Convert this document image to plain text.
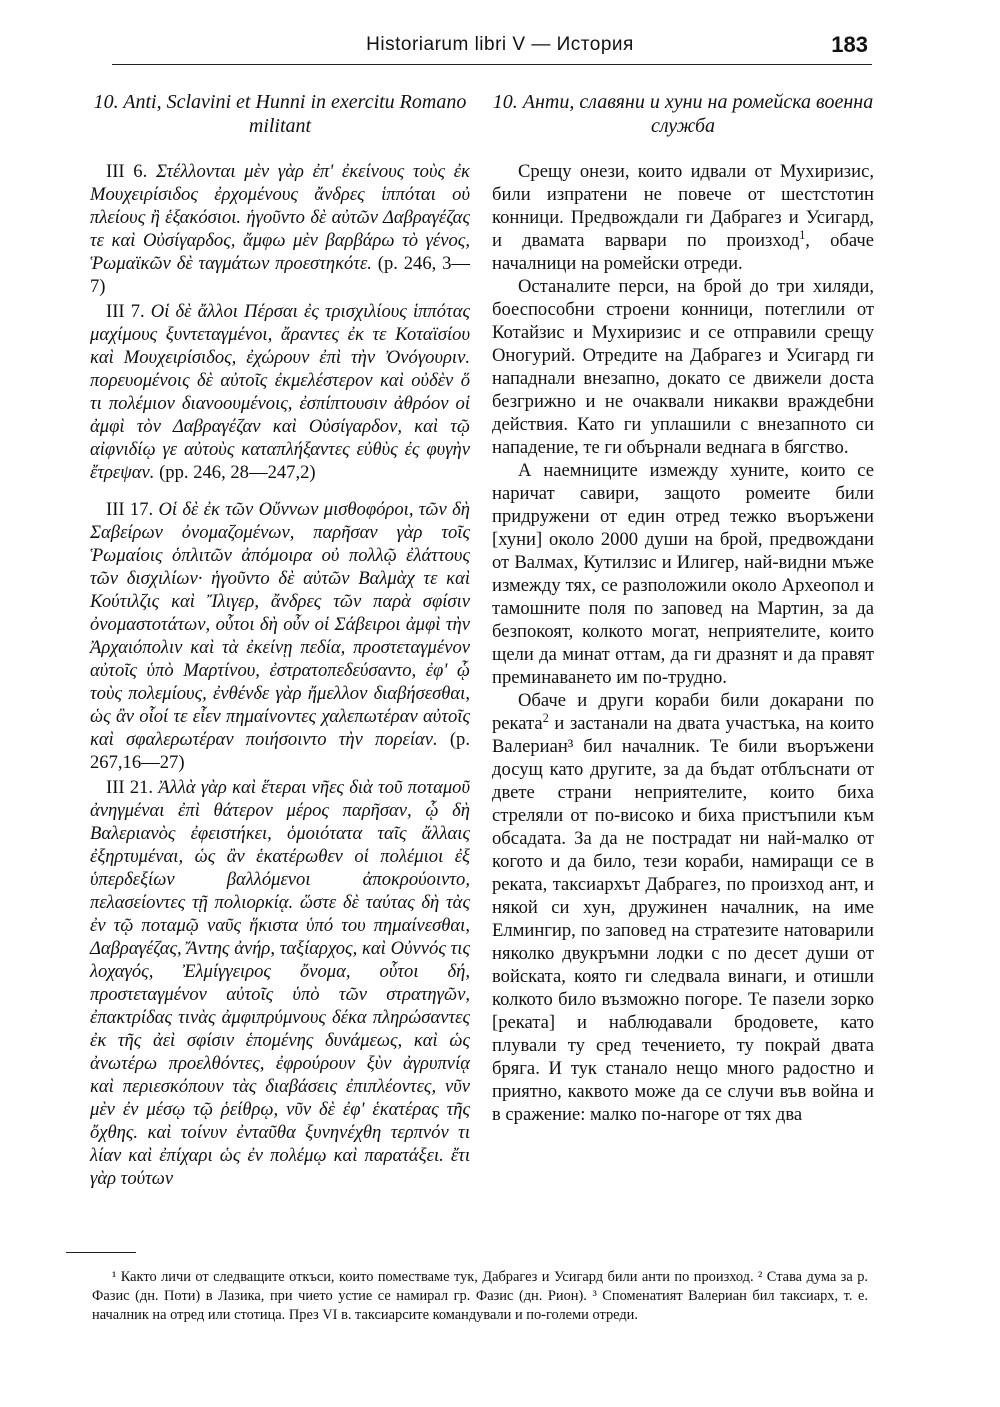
Historiarum libri V — История	183
10. Anti, Sclavini et Hunni in exercitu Romano militant

III 6. Στέλλονται μὲν γὰρ ἐπ' ἐκείνους τοὺς ἐκ Μουχειρίσιδος ἐρχομένους ἄνδρες ἱππόται οὐ πλείους ἢ ἑξακόσιοι. ἡγοῦντο δὲ αὐτῶν Δαβραγέζας τε καὶ Οὐσίγαρδος, ἄμφω μὲν βαρβάρω τὸ γένος, Ῥωμαϊκῶν δὲ ταγμάτων προεστηκότε. (p. 246, 3—7)

III 7. Οἱ δὲ ἄλλοι Πέρσαι ἐς τρισχιλίους ἱππότας μαχίμους ξυντεταγμένοι, ἄραντες ἐκ τε Κοταϊσίου καὶ Μουχειρίσιδος, ἐχώρουν ἐπὶ τὴν Ὀνόγουριν. πορευομένοις δὲ αὐτοῖς ἐκμελέστερον καὶ οὐδὲν ὅ τι πολέμιον διανοουμένοις, ἐσπίπτουσιν ἀθρόον οἱ ἀμφὶ τὸν Δαβραγέζαν καὶ Οὐσίγαρδον, καὶ τῷ αἰφνιδίῳ γε αὐτοὺς καταπλήξαντες εὐθὺς ἐς φυγὴν ἔτρεψαν. (pp. 246, 28—247,2)

III 17. Οἱ δὲ ἐκ τῶν Οὔννων μισθοφόροι, τῶν δὴ Σαβείρων ὀνομαζομένων, παρῆσαν γὰρ τοῖς Ῥωμαίοις ὁπλιτῶν ἀπόμοιρα οὐ πολλῷ ἐλάττους τῶν δισχιλίων· ἡγοῦντο δὲ αὐτῶν Βαλμὰχ τε καὶ Κούτιλζις καὶ Ἴλιγερ, ἄνδρες τῶν παρὰ σφίσιν ὀνομαστοτάτων, οὗτοι δὴ οὖν οἱ Σάβειροι ἀμφὶ τὴν Ἀρχαιόπολιν καὶ τὰ ἐκείνῃ πεδία, προστεταγμένον αὐτοῖς ὑπὸ Μαρτίνου, ἐστρατοπεδεύσαντο, ἐφ' ᾧ τοὺς πολεμίους, ἐνθένδε γὰρ ἤμελλον διαβήσεσθαι, ὡς ἂν οἷοί τε εἶεν πημαίνοντες χαλεπωτέραν αὐτοῖς καὶ σφαλερωτέραν ποιήσοιντο τὴν πορείαν. (p. 267,16—27)

III 21. Ἀλλὰ γὰρ καὶ ἕτεραι νῆες διὰ τοῦ ποταμοῦ ἀνηγμέναι ἐπὶ θάτερον μέρος παρῆσαν, ᾧ δὴ Βαλεριανὸς ἐφειστήκει, ὁμοιότατα ταῖς ἄλλαις ἐξηρτυμέναι, ὡς ἂν ἑκατέρωθεν οἱ πολέμιοι ἐξ ὑπερδεξίων βαλλόμενοι ἀποκρούοιντο, πελασείοντες τῇ πολιορκίᾳ. ὥστε δὲ ταύτας δὴ τὰς ἐν τῷ ποταμῷ ναῦς ἥκιστα ὑπό του πημαίνεσθαι, Δαβραγέζας, Ἄντης ἀνήρ, ταξίαρχος, καὶ Οὐννός τις λοχαγός, Ἐλμίγγειρος ὄνομα, οὗτοι δή, προστεταγμένον αὐτοῖς ὑπὸ τῶν στρατηγῶν, ἐπακτρίδας τινὰς ἀμφιπρύμνους δέκα πληρώσαντες ἐκ τῆς ἀεὶ σφίσιν ἑπομένης δυνάμεως, καὶ ὡς ἀνωτέρω προελθόντες, ἐφρούρουν ξὺν ἀγρυπνίᾳ καὶ περιεσκόπουν τὰς διαβάσεις ἐπιπλέοντες, νῦν μὲν ἐν μέσῳ τῷ ῥείθρῳ, νῦν δὲ ἐφ' ἑκατέρας τῆς ὄχθης. καὶ τοίνυν ἐνταῦθα ξυνηνέχθη τερπνόν τι λίαν καὶ ἐπίχαρι ὡς ἐν πολέμῳ καὶ παρατάξει. ἔτι γὰρ τούτων

10. Анти, славяни и хуни на ромейска военна служба

Срещу онези, които идвали от Мухиризис, били изпратени не повече от шестстотин конници. Предвождали ги Дабрагез и Усигард, и двамата варвари по произход$^1$, обаче началници на ромейски отреди.

Останалите перси, на брой до три хиляди, боеспособни строени конници, потеглили от Котайзис и Мухиризис и се отправили срещу Оногурий. Отредите на Дабрагез и Усигард ги нападнали внезапно, докато се движели доста безгрижно и не очаквали никакви враждебни действия. Като ги уплашили с внезапното си нападение, те ги обърнали веднага в бягство.

А наемниците измежду хуните, които се наричат савири, защото ромеите били придружени от един отред тежко въоръжени [хуни] около 2000 души на брой, предвождани от Валмах, Кутилзис и Илигер, най-видни мъже измежду тях, се разположили около Археопол и тамошните поля по заповед на Мартин, за да безпокоят, колкото могат, неприятелите, които щели да минат оттам, да ги дразнят и да правят преминаването им по-трудно.

Обаче и други кораби били докарани по реката$^2$ и застанали на двата участъка, на които Валериан³ бил началник. Те били въоръжени досущ като другите, за да бъдат отблъснати от двете страни неприятелите, които биха стреляли от по-високо и биха пристъпили към обсадата. За да не пострадат ни най-малко от когото и да било, тези кораби, намиращи се в реката, таксиархът Дабрагез, по произход ант, и някой си хун, дружинен началник, на име Елмингир, по заповед на стратезите натоварили няколко двукръмни лодки с по десет души от войската, която ги следвала винаги, и отишли колкото било възможно погоре. Те пазели зорко [реката] и наблюдавали бродовете, като плували ту сред течението, ту покрай двата бряга. И тук станало нещо много радостно и приятно, каквото може да се случи във война и в сражение: малко по-нагоре от тях два

¹ Както личи от следващите откъси, които поместваме тук, Дабрагез и Усигард били анти по произход. ² Става дума за р. Фазис (дн. Поти) в Лазика, при чието устие се намирал гр. Фазис (дн. Рион). ³ Споменатият Валериан бил таксиарх, т. е. началник на отред или стотица. През VI в. таксиарсите командували и по-големи отреди.
